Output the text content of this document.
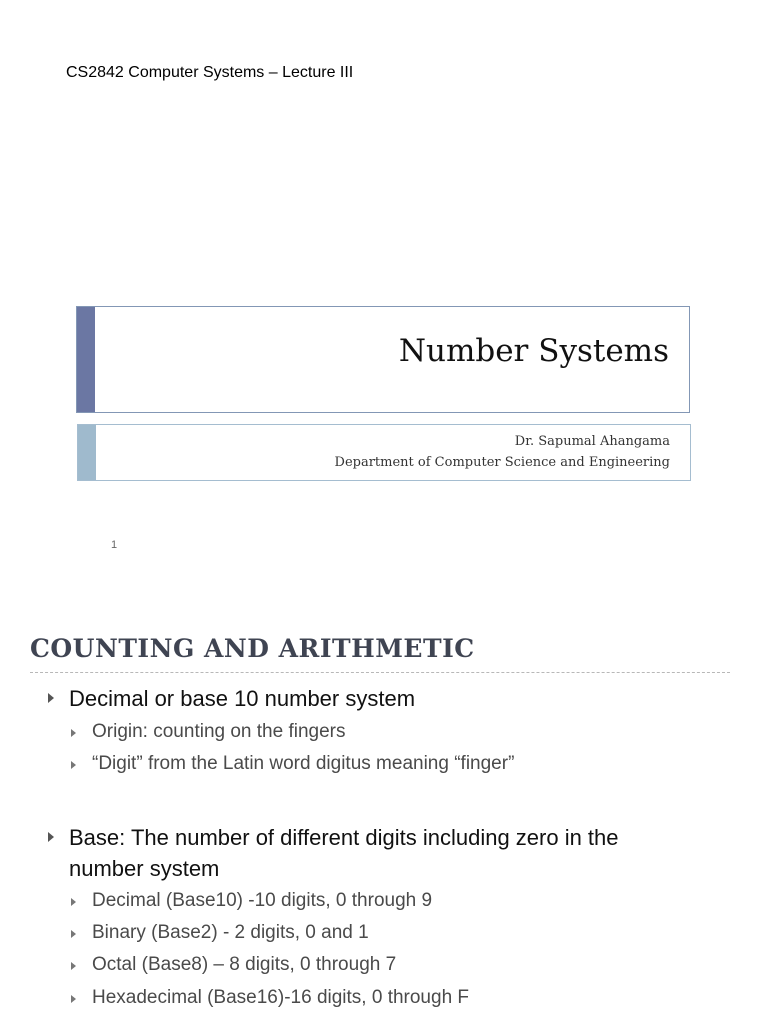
CS2842 Computer Systems – Lecture III
Number Systems
Dr. Sapumal Ahangama
Department of Computer Science and Engineering
1
COUNTING AND ARITHMETIC
Decimal or base 10 number system
Origin: counting on the fingers
“Digit” from the Latin word digitus meaning “finger”
Base: The number of different digits including zero in the
number system
Decimal (Base10) -10 digits, 0 through 9
Binary (Base2) - 2 digits, 0 and 1
Octal (Base8) – 8 digits, 0 through 7
Hexadecimal (Base16)-16 digits, 0 through F
